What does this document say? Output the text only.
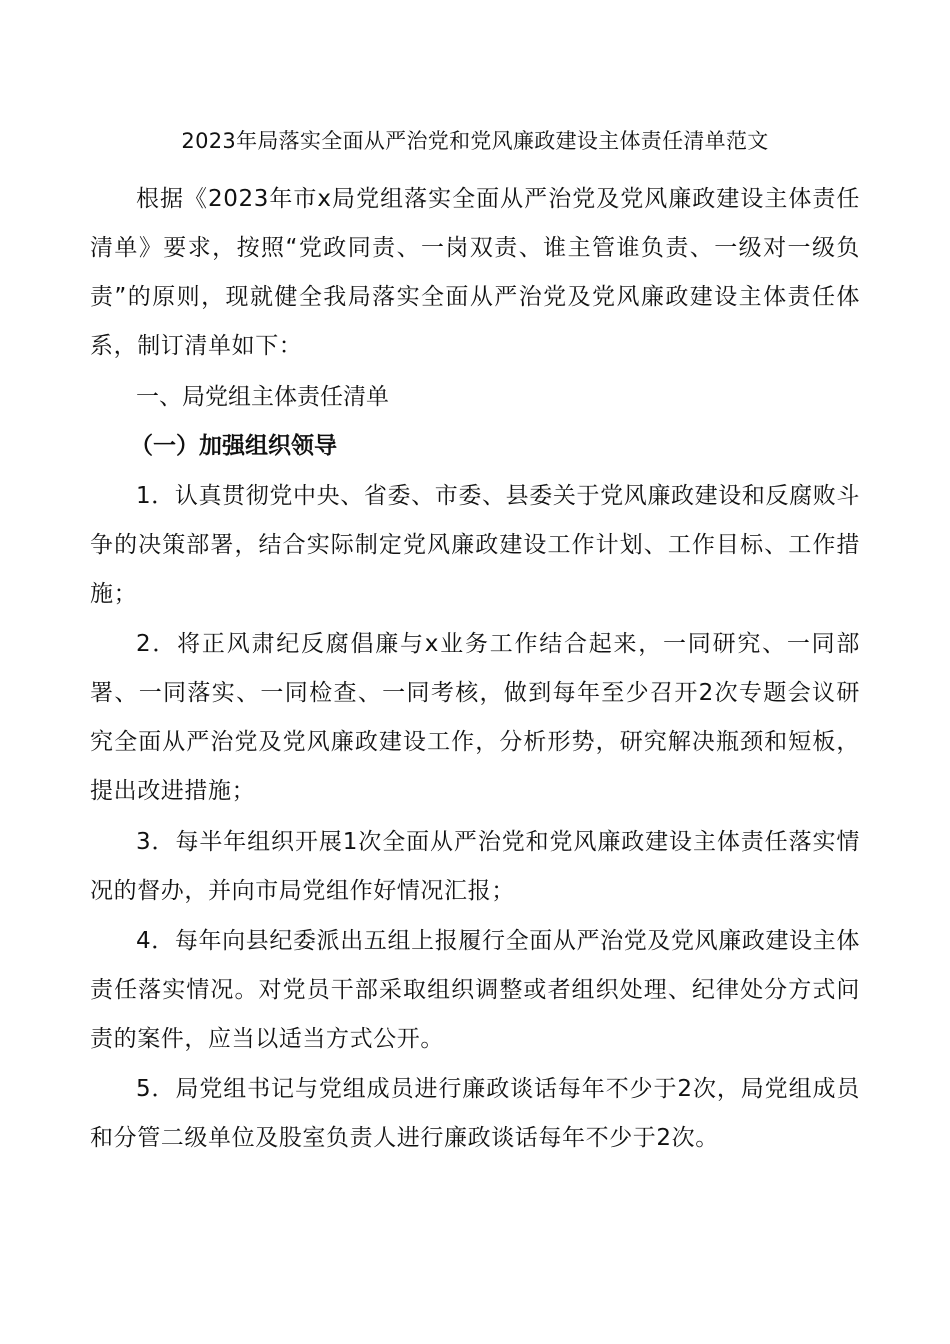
2023年局落实全面从严治党和党风廉政建设主体责任清单范文

根据《2023年市x局党组落实全面从严治党及党风廉政建设主体责任清单》要求，按照“党政同责、一岗双责、谁主管谁负责、一级对一级负责”的原则，现就健全我局落实全面从严治党及党风廉政建设主体责任体系，制订清单如下：

一、局党组主体责任清单

（一）加强组织领导

1．认真贯彻党中央、省委、市委、县委关于党风廉政建设和反腐败斗争的决策部署，结合实际制定党风廉政建设工作计划、工作目标、工作措施；

2．将正风肃纪反腐倡廉与x业务工作结合起来，一同研究、一同部署、一同落实、一同检查、一同考核，做到每年至少召开2次专题会议研究全面从严治党及党风廉政建设工作，分析形势，研究解决瓶颈和短板，提出改进措施；

3．每半年组织开展1次全面从严治党和党风廉政建设主体责任落实情况的督办，并向市局党组作好情况汇报；

4．每年向县纪委派出五组上报履行全面从严治党及党风廉政建设主体责任落实情况。对党员干部采取组织调整或者组织处理、纪律处分方式问责的案件，应当以适当方式公开。

5．局党组书记与党组成员进行廉政谈话每年不少于2次，局党组成员和分管二级单位及股室负责人进行廉政谈话每年不少于2次。
